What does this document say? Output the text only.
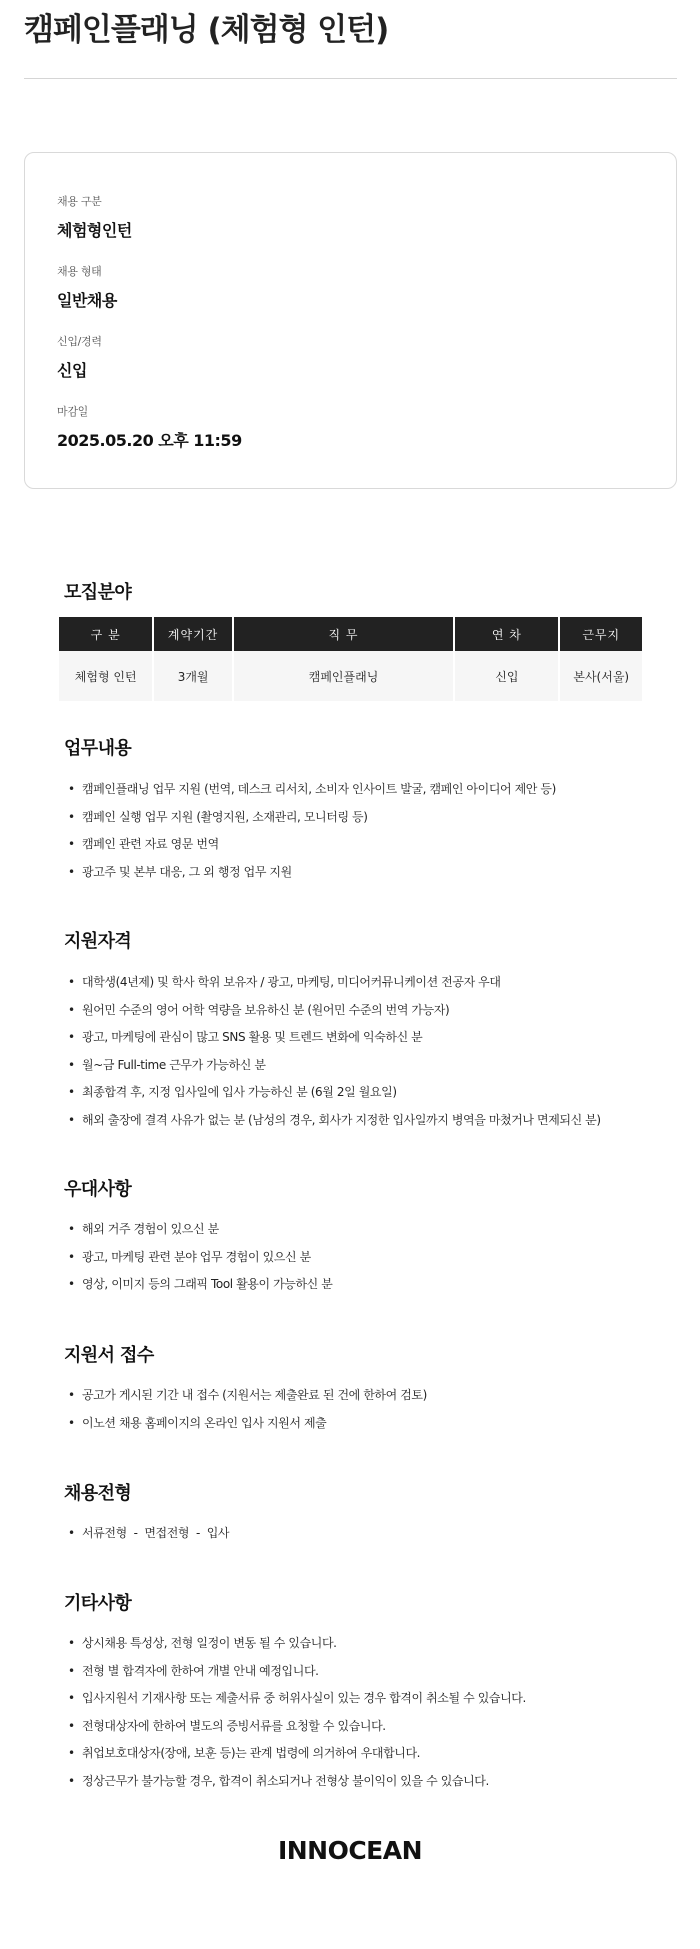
캠페인플래닝 (체험형 인턴)
채용 구분
체험형인턴
채용 형태
일반채용
신입/경력
신입
마감일
2025.05.20 오후 11:59
모집분야
구 분	계약기간	직 무	연 차	근무지
체험형 인턴	3개월	캠페인플래닝	신입	본사(서울)
업무내용
• 캠페인플래닝 업무 지원 (번역, 데스크 리서치, 소비자 인사이트 발굴, 캠페인 아이디어 제안 등)
• 캠페인 실행 업무 지원 (촬영지원, 소재관리, 모니터링 등)
• 캠페인 관련 자료 영문 번역
• 광고주 및 본부 대응, 그 외 행정 업무 지원
지원자격
• 대학생(4년제) 및 학사 학위 보유자 / 광고, 마케팅, 미디어커뮤니케이션 전공자 우대
• 원어민 수준의 영어 어학 역량을 보유하신 분 (원어민 수준의 번역 가능자)
• 광고, 마케팅에 관심이 많고 SNS 활용 및 트렌드 변화에 익숙하신 분
• 월~금 Full-time 근무가 가능하신 분
• 최종합격 후, 지정 입사일에 입사 가능하신 분 (6월 2일 월요일)
• 해외 출장에 결격 사유가 없는 분 (남성의 경우, 회사가 지정한 입사일까지 병역을 마쳤거나 면제되신 분)
우대사항
• 해외 거주 경험이 있으신 분
• 광고, 마케팅 관련 분야 업무 경험이 있으신 분
• 영상, 이미지 등의 그래픽 Tool 활용이 가능하신 분
지원서 접수
• 공고가 게시된 기간 내 접수 (지원서는 제출완료 된 건에 한하여 검토)
• 이노션 채용 홈페이지의 온라인 입사 지원서 제출
채용전형
• 서류전형  -  면접전형  -  입사
기타사항
• 상시채용 특성상, 전형 일정이 변동 될 수 있습니다.
• 전형 별 합격자에 한하여 개별 안내 예정입니다.
• 입사지원서 기재사항 또는 제출서류 중 허위사실이 있는 경우 합격이 취소될 수 있습니다.
• 전형대상자에 한하여 별도의 증빙서류를 요청할 수 있습니다.
• 취업보호대상자(장애, 보훈 등)는 관계 법령에 의거하여 우대합니다.
• 정상근무가 불가능할 경우, 합격이 취소되거나 전형상 불이익이 있을 수 있습니다.
INNOCEAN
